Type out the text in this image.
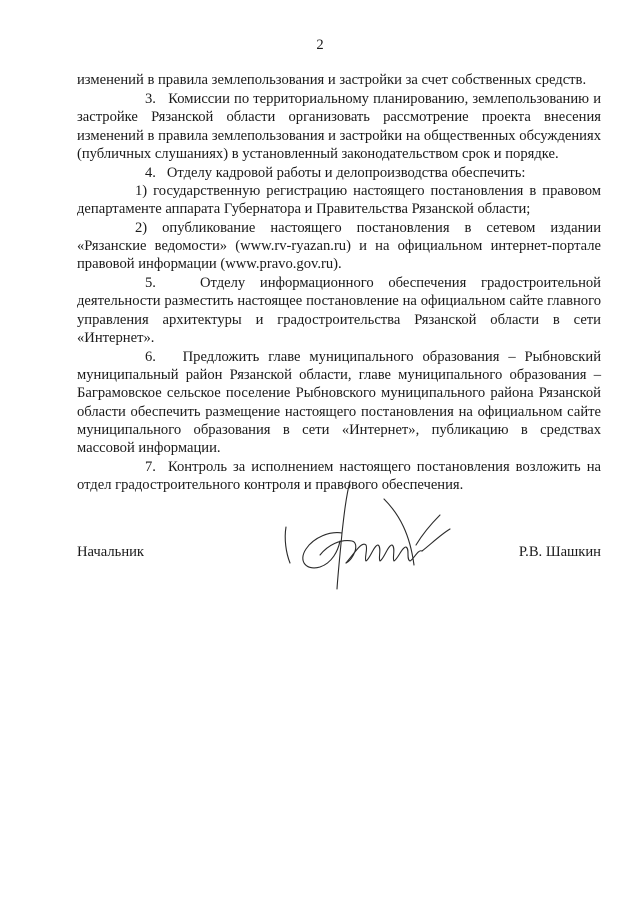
2

изменений в правила землепользования и застройки за счет собственных средств.

3.   Комиссии по территориальному планированию, землепользованию и застройке Рязанской области организовать рассмотрение проекта внесения изменений в правила землепользования и застройки на общественных обсуждениях (публичных слушаниях) в установленный законодательством срок и порядке.

4.   Отделу кадровой работы и делопроизводства обеспечить:

1) государственную регистрацию настоящего постановления в правовом департаменте аппарата Губернатора и Правительства Рязанской области;

2) опубликование настоящего постановления в сетевом издании «Рязанские ведомости» (www.rv-ryazan.ru) и на официальном интернет-портале правовой информации (www.pravo.gov.ru).

5.   Отделу информационного обеспечения градостроительной деятельности разместить настоящее постановление на официальном сайте главного управления архитектуры и градостроительства Рязанской области в сети «Интернет».

6.   Предложить главе муниципального образования – Рыбновский муниципальный район Рязанской области, главе муниципального образования – Баграмовское сельское поселение Рыбновского муниципального района Рязанской области обеспечить размещение настоящего постановления на официальном сайте муниципального образования в сети «Интернет», публикацию в средствах массовой информации.

7.  Контроль за исполнением настоящего постановления возложить на отдел градостроительного контроля и правового обеспечения.

Начальник	Р.В. Шашкин
